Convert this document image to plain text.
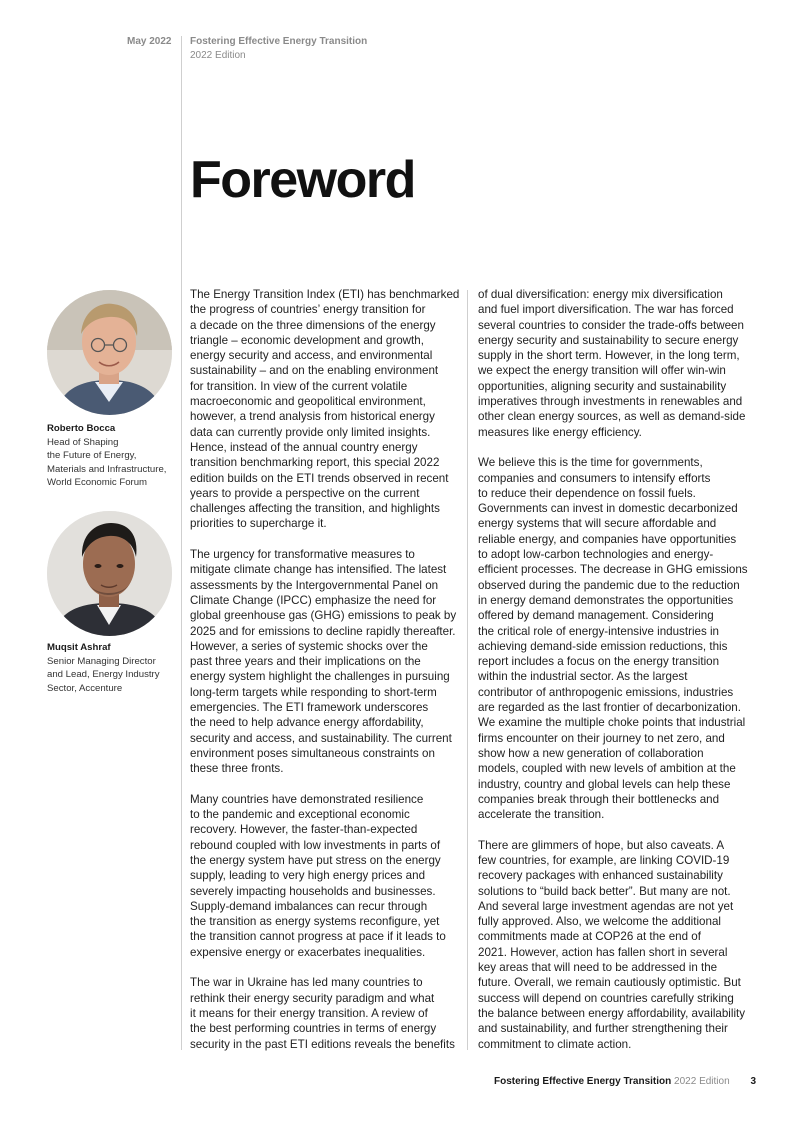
May 2022 Fostering Effective Energy Transition
2022 Edition
Foreword
Roberto Bocca
Head of Shaping
the Future of Energy,
Materials and Infrastructure,
World Economic Forum
Muqsit Ashraf
Senior Managing Director
and Lead, Energy Industry
Sector, Accenture

The Energy Transition Index (ETI) has benchmarked
the progress of countries’ energy transition for
a decade on the three dimensions of the energy
triangle – economic development and growth,
energy security and access, and environmental
sustainability – and on the enabling environment
for transition. In view of the current volatile
macroeconomic and geopolitical environment,
however, a trend analysis from historical energy
data can currently provide only limited insights.
Hence, instead of the annual country energy
transition benchmarking report, this special 2022
edition builds on the ETI trends observed in recent
years to provide a perspective on the current
challenges affecting the transition, and highlights
priorities to supercharge it.

The urgency for transformative measures to
mitigate climate change has intensified. The latest
assessments by the Intergovernmental Panel on
Climate Change (IPCC) emphasize the need for
global greenhouse gas (GHG) emissions to peak by
2025 and for emissions to decline rapidly thereafter.
However, a series of systemic shocks over the
past three years and their implications on the
energy system highlight the challenges in pursuing
long-term targets while responding to short-term
emergencies. The ETI framework underscores
the need to help advance energy affordability,
security and access, and sustainability. The current
environment poses simultaneous constraints on
these three fronts.

Many countries have demonstrated resilience
to the pandemic and exceptional economic
recovery. However, the faster-than-expected
rebound coupled with low investments in parts of
the energy system have put stress on the energy
supply, leading to very high energy prices and
severely impacting households and businesses.
Supply-demand imbalances can recur through
the transition as energy systems reconfigure, yet
the transition cannot progress at pace if it leads to
expensive energy or exacerbates inequalities.

The war in Ukraine has led many countries to
rethink their energy security paradigm and what
it means for their energy transition. A review of
the best performing countries in terms of energy
security in the past ETI editions reveals the benefits

of dual diversification: energy mix diversification
and fuel import diversification. The war has forced
several countries to consider the trade-offs between
energy security and sustainability to secure energy
supply in the short term. However, in the long term,
we expect the energy transition will offer win-win
opportunities, aligning security and sustainability
imperatives through investments in renewables and
other clean energy sources, as well as demand-side
measures like energy efficiency.

We believe this is the time for governments,
companies and consumers to intensify efforts
to reduce their dependence on fossil fuels.
Governments can invest in domestic decarbonized
energy systems that will secure affordable and
reliable energy, and companies have opportunities
to adopt low-carbon technologies and energy-
efficient processes. The decrease in GHG emissions
observed during the pandemic due to the reduction
in energy demand demonstrates the opportunities
offered by demand management. Considering
the critical role of energy-intensive industries in
achieving demand-side emission reductions, this
report includes a focus on the energy transition
within the industrial sector. As the largest
contributor of anthropogenic emissions, industries
are regarded as the last frontier of decarbonization.
We examine the multiple choke points that industrial
firms encounter on their journey to net zero, and
show how a new generation of collaboration
models, coupled with new levels of ambition at the
industry, country and global levels can help these
companies break through their bottlenecks and
accelerate the transition.

There are glimmers of hope, but also caveats. A
few countries, for example, are linking COVID-19
recovery packages with enhanced sustainability
solutions to “build back better”. But many are not.
And several large investment agendas are not yet
fully approved. Also, we welcome the additional
commitments made at COP26 at the end of
2021. However, action has fallen short in several
key areas that will need to be addressed in the
future. Overall, we remain cautiously optimistic. But
success will depend on countries carefully striking
the balance between energy affordability, availability
and sustainability, and further strengthening their
commitment to climate action.

Fostering Effective Energy Transition 2022 Edition 3
